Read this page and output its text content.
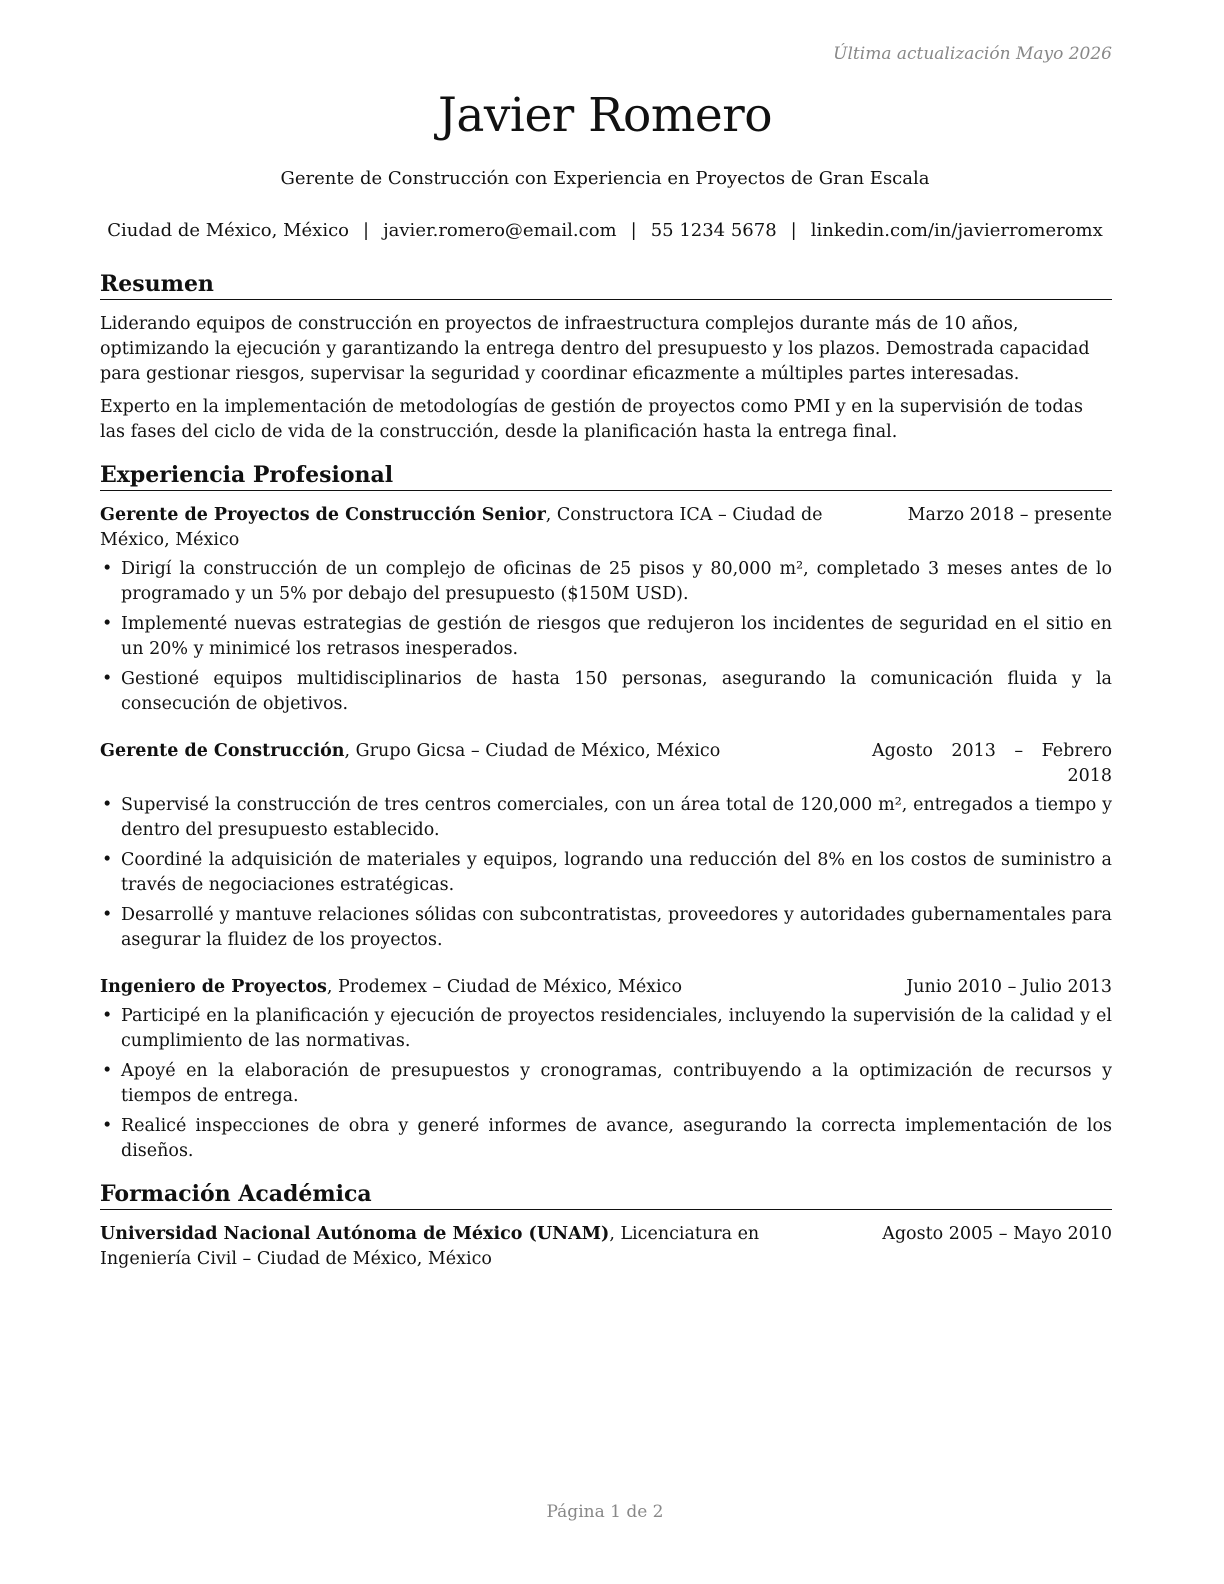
Última actualización Mayo 2026
Javier Romero
Gerente de Construcción con Experiencia en Proyectos de Gran Escala
Ciudad de México, México | javier.romero@email.com | 55 1234 5678 | linkedin.com/in/javierromeromx
Resumen

Liderando equipos de construcción en proyectos de infraestructura complejos durante más de 10 años, optimizando la ejecución y garantizando la entrega dentro del presupuesto y los plazos. Demostrada capacidad para gestionar riesgos, supervisar la seguridad y coordinar eficazmente a múltiples partes interesadas.

Experto en la implementación de metodologías de gestión de proyectos como PMI y en la supervisión de todas las fases del ciclo de vida de la construcción, desde la planificación hasta la entrega final.

Experiencia Profesional
Gerente de Proyectos de Construcción Senior, Constructora ICA – Ciudad de México, México
Marzo 2018 – presente
• Dirigí la construcción de un complejo de oficinas de 25 pisos y 80,000 m², completado 3 meses antes de lo programado y un 5% por debajo del presupuesto ($150M USD).
• Implementé nuevas estrategias de gestión de riesgos que redujeron los incidentes de seguridad en el sitio en un 20% y minimicé los retrasos inesperados.
• Gestioné equipos multidisciplinarios de hasta 150 personas, asegurando la comunicación fluida y la consecución de objetivos.
Gerente de Construcción, Grupo Gicsa – Ciudad de México, México	Agosto 2013 – Febrero 2018
• Supervisé la construcción de tres centros comerciales, con un área total de 120,000 m², entregados a tiempo y dentro del presupuesto establecido.
• Coordiné la adquisición de materiales y equipos, logrando una reducción del 8% en los costos de suministro a través de negociaciones estratégicas.
• Desarrollé y mantuve relaciones sólidas con subcontratistas, proveedores y autoridades gubernamentales para asegurar la fluidez de los proyectos.
Ingeniero de Proyectos, Prodemex – Ciudad de México, México	Junio 2010 – Julio 2013
• Participé en la planificación y ejecución de proyectos residenciales, incluyendo la supervisión de la calidad y el cumplimiento de las normativas.
• Apoyé en la elaboración de presupuestos y cronogramas, contribuyendo a la optimización de recursos y tiempos de entrega.
• Realicé inspecciones de obra y generé informes de avance, asegurando la correcta implementación de los diseños.
Formación Académica
Universidad Nacional Autónoma de México (UNAM), Licenciatura en Ingeniería Civil – Ciudad de México, México
Agosto 2005 – Mayo 2010
Página 1 de 2
